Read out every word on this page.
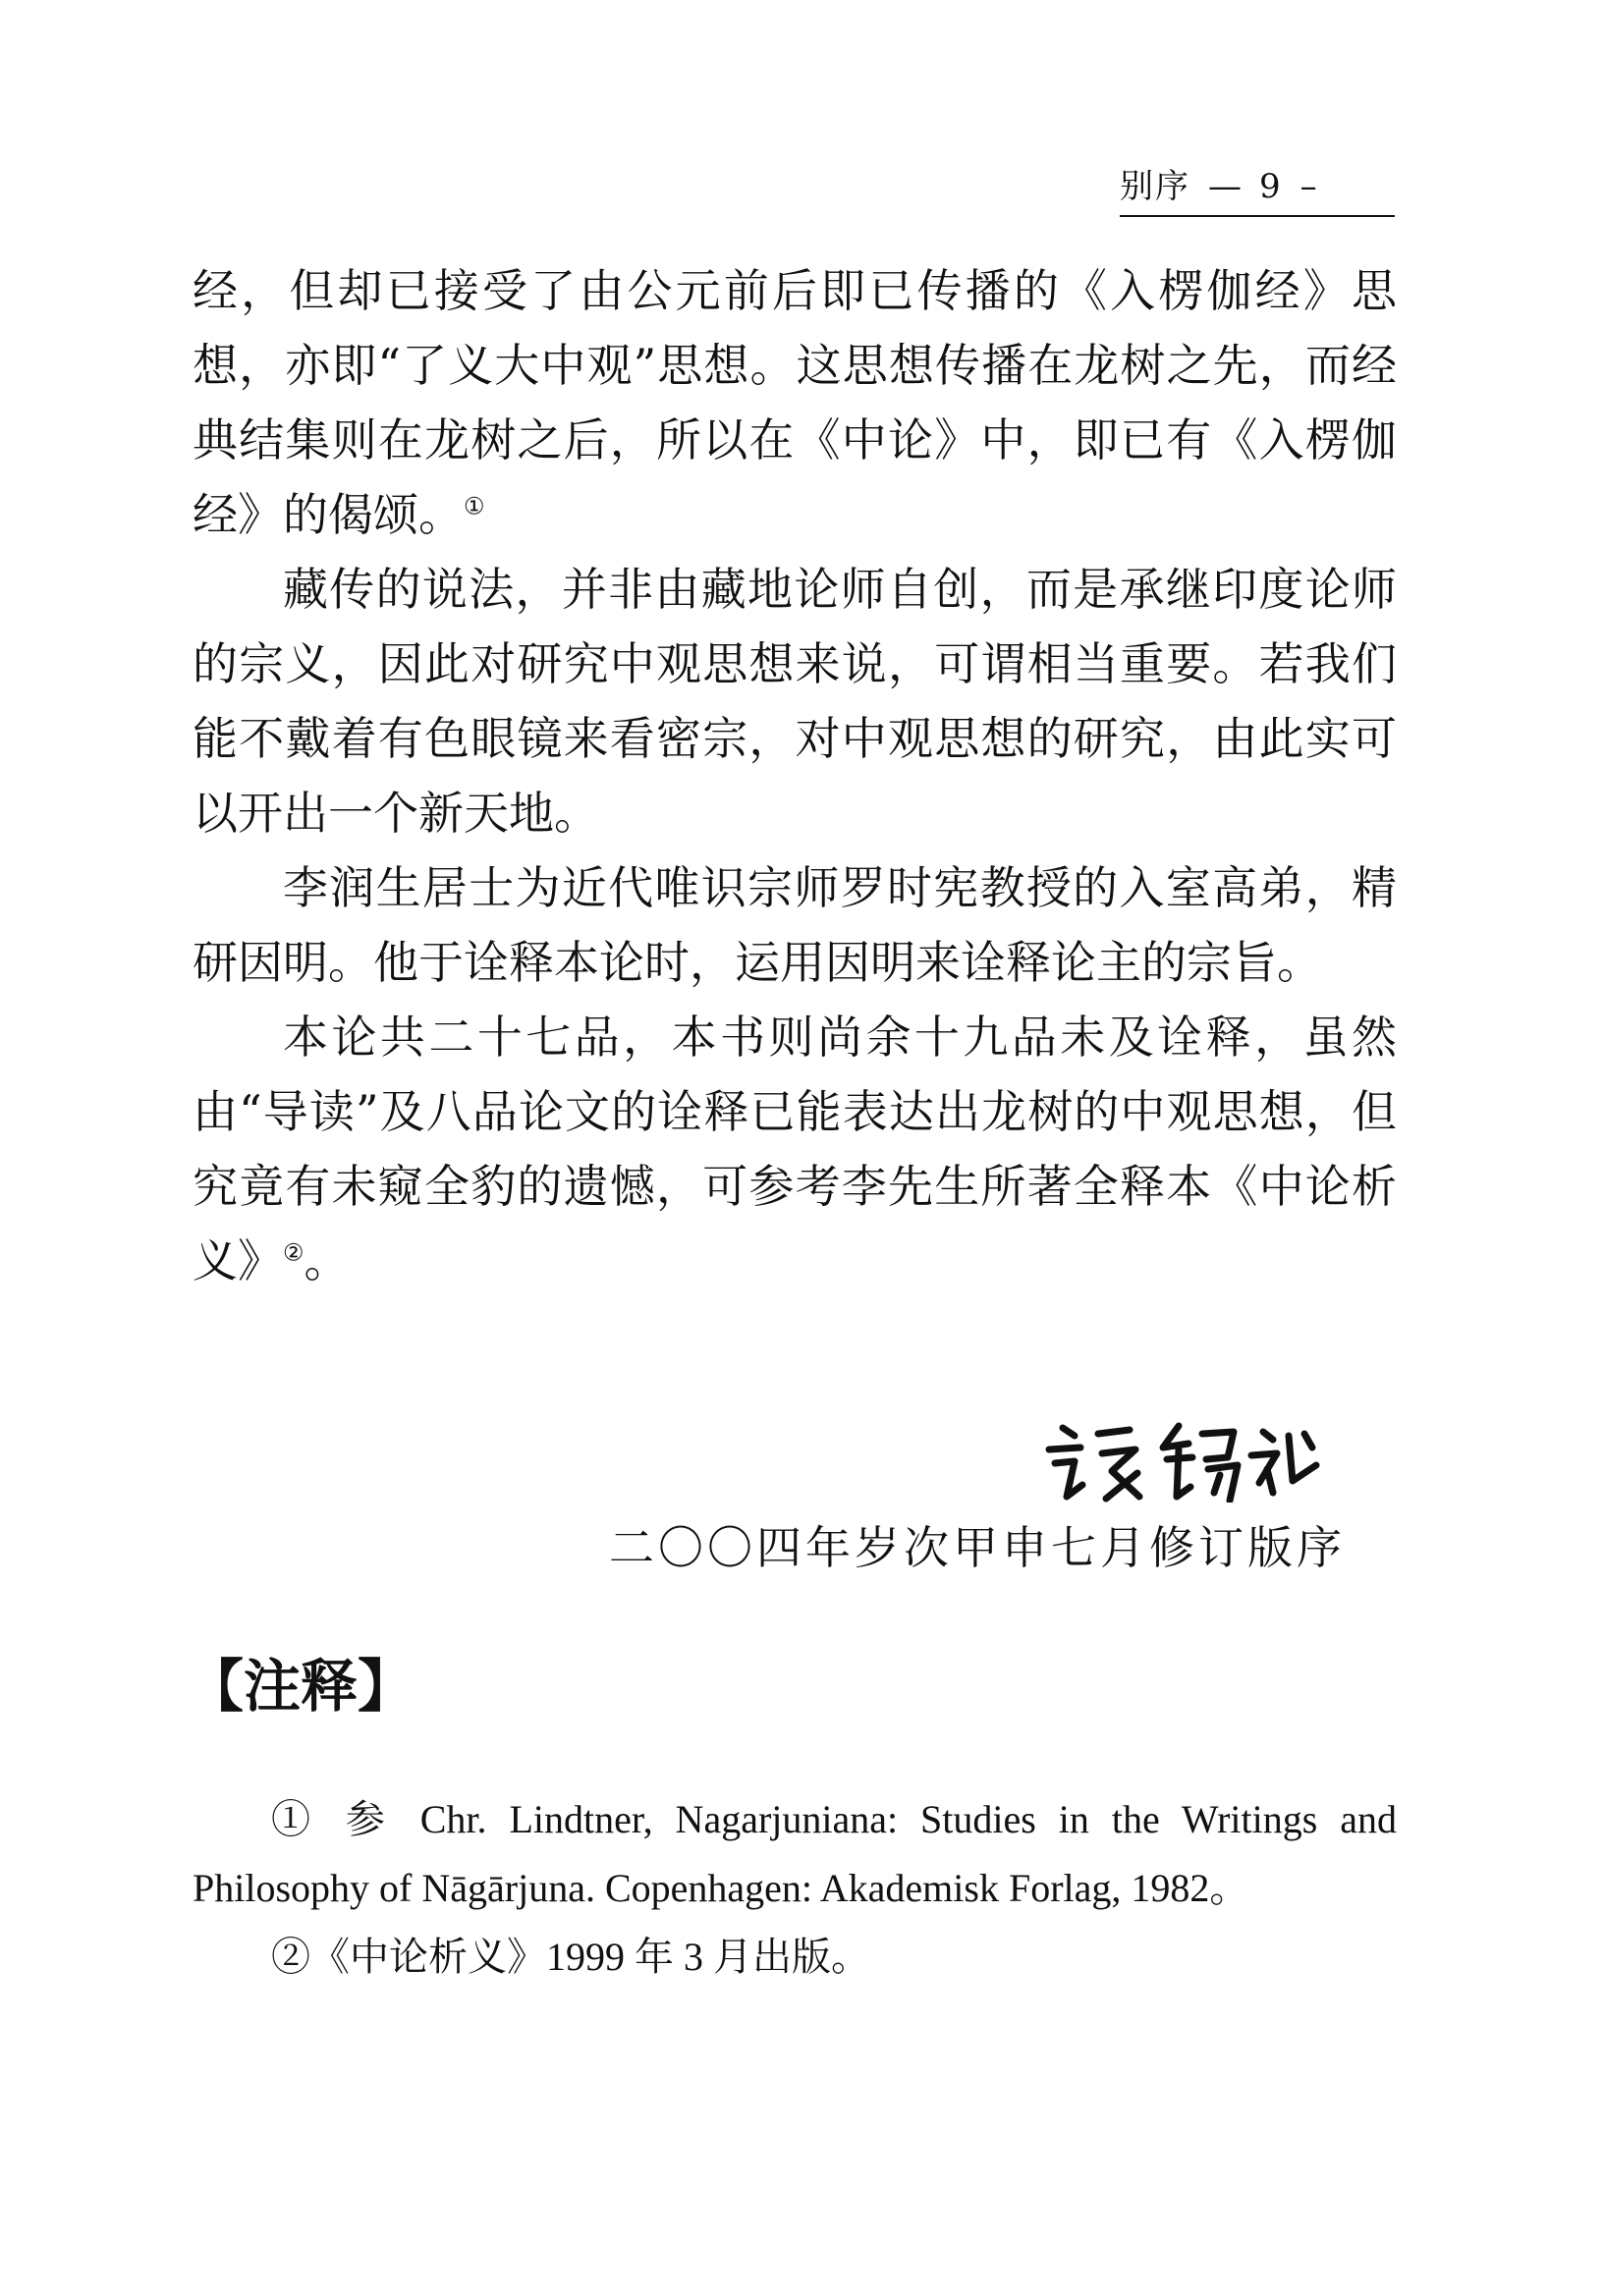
别序 — 9 –

经，但却已接受了由公元前后即已传播的《入楞伽经》思想，亦即“了义大中观”思想。这思想传播在龙树之先，而经典结集则在龙树之后，所以在《中论》中，即已有《入楞伽经》的偈颂。①

藏传的说法，并非由藏地论师自创，而是承继印度论师的宗义，因此对研究中观思想来说，可谓相当重要。若我们能不戴着有色眼镜来看密宗，对中观思想的研究，由此实可以开出一个新天地。

李润生居士为近代唯识宗师罗时宪教授的入室高弟，精研因明。他于诠释本论时，运用因明来诠释论主的宗旨。

本论共二十七品，本书则尚余十九品未及诠释，虽然由“导读”及八品论文的诠释已能表达出龙树的中观思想，但究竟有未窥全豹的遗憾，可参考李先生所著全释本《中论析义》②。

二〇〇四年岁次甲申七月修订版序
【注释】

① 参 Chr. Lindtner, Nagarjuniana: Studies in the Writings and Philosophy of Nāgārjuna. Copenhagen: Akademisk Forlag, 1982。

②《中论析义》1999 年 3 月出版。
